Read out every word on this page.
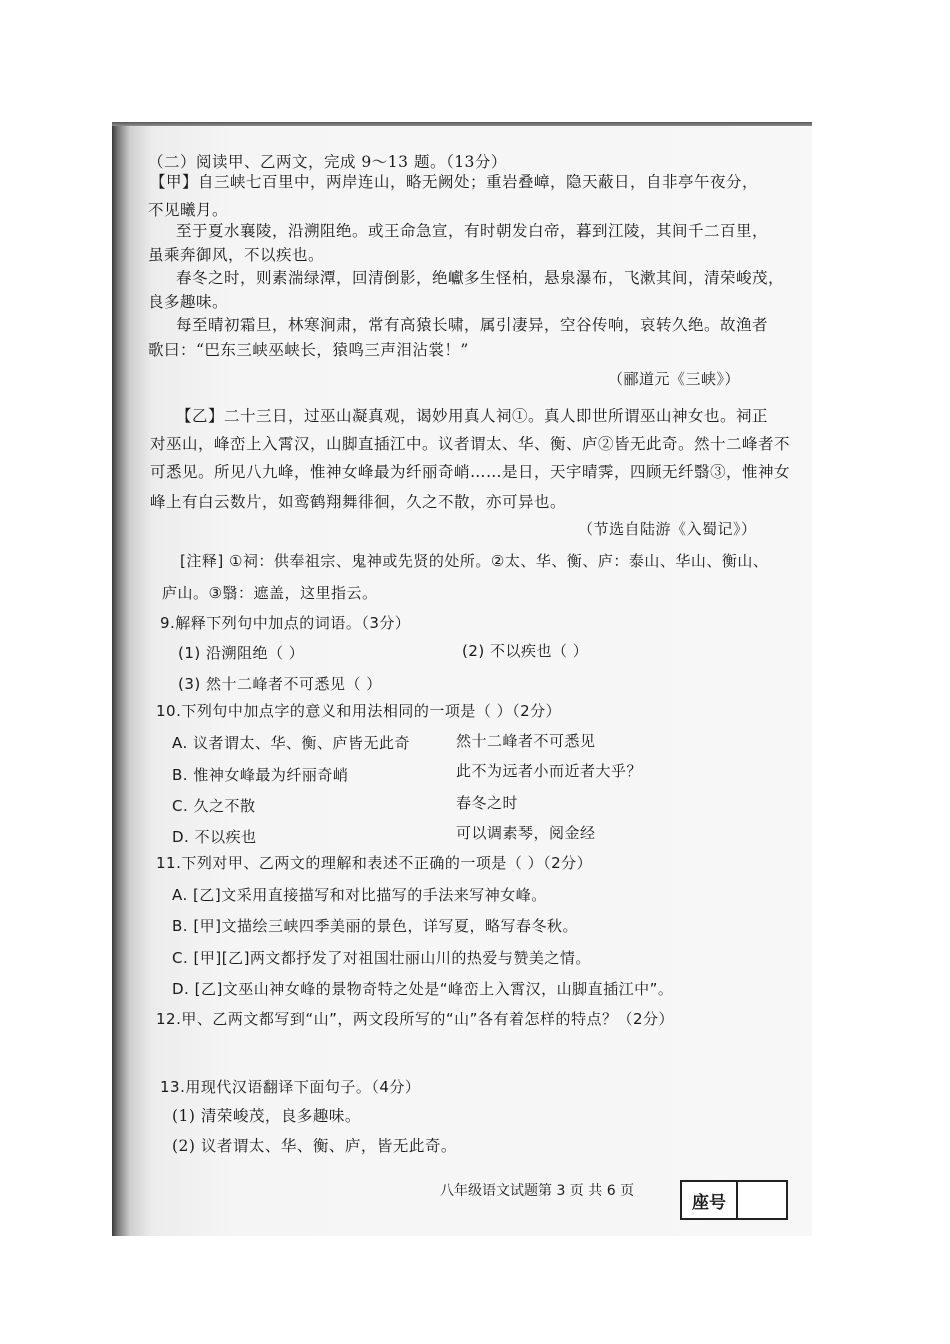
（二）阅读甲、乙两文，完成 9～13 题。（13分）
【甲】自三峡七百里中，两岸连山，略无阙处；重岩叠嶂，隐天蔽日，自非亭午夜分，
不见曦月。
至于夏水襄陵，沿溯阻绝。或王命急宣，有时朝发白帝，暮到江陵，其间千二百里，
虽乘奔御风，不以疾也。
春冬之时，则素湍绿潭，回清倒影，绝巘多生怪柏，悬泉瀑布，飞漱其间，清荣峻茂，
良多趣味。
每至晴初霜旦，林寒涧肃，常有高猿长啸，属引凄异，空谷传响，哀转久绝。故渔者
歌曰：“巴东三峡巫峡长，猿鸣三声泪沾裳！”
（郦道元《三峡》）
【乙】二十三日，过巫山凝真观，谒妙用真人祠①。真人即世所谓巫山神女也。祠正
对巫山，峰峦上入霄汉，山脚直插江中。议者谓太、华、衡、庐②皆无此奇。然十二峰者不
可悉见。所见八九峰，惟神女峰最为纤丽奇峭……是日，天宇晴霁，四顾无纤翳③，惟神女
峰上有白云数片，如鸾鹤翔舞徘徊，久之不散，亦可异也。
（节选自陆游《入蜀记》）
[注释] ①祠：供奉祖宗、鬼神或先贤的处所。②太、华、衡、庐：泰山、华山、衡山、
庐山。③翳：遮盖，这里指云。
9.解释下列句中加点的词语。（3分）
(1) 沿溯阻绝（ ）	(2) 不以疾也（ ）
(3) 然十二峰者不可悉见（ ）
10.下列句中加点字的意义和用法相同的一项是（ ）（2分）
A. 议者谓太、华、衡、庐皆无此奇	然十二峰者不可悉见
B. 惟神女峰最为纤丽奇峭	此不为远者小而近者大乎？
C. 久之不散	春冬之时
D. 不以疾也	可以调素琴，阅金经
11.下列对甲、乙两文的理解和表述不正确的一项是（ ）（2分）
A. [乙]文采用直接描写和对比描写的手法来写神女峰。
B. [甲]文描绘三峡四季美丽的景色，详写夏，略写春冬秋。
C. [甲][乙]两文都抒发了对祖国壮丽山川的热爱与赞美之情。
D. [乙]文巫山神女峰的景物奇特之处是“峰峦上入霄汉，山脚直插江中”。
12.甲、乙两文都写到“山”，两文段所写的“山”各有着怎样的特点？（2分）
13.用现代汉语翻译下面句子。（4分）
(1) 清荣峻茂，良多趣味。
(2) 议者谓太、华、衡、庐，皆无此奇。
八年级语文试题第 3 页 共 6 页
座号
